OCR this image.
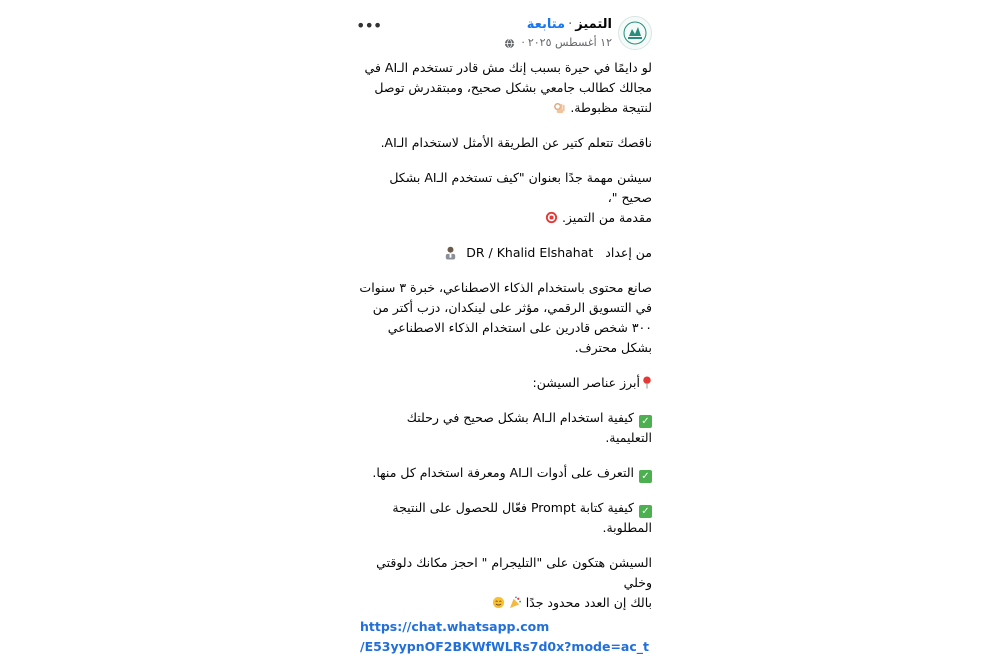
التميز·متابعة
١٢ أغسطس ٢٠٢٥·
•••

لو دايمًا في حيرة بسبب إنك مش قادر تستخدم الـAI في مجالك كطالب جامعي بشكل صحيح، ومبتقدرش توصل لنتيجة مظبوطة.

ناقصك تتعلم كتير عن الطريقة الأمثل لاستخدام الـAI.

سيشن مهمة جدًا بعنوان "كيف تستخدم الـAI بشكل صحيح "،
مقدمة من التميز.

من إعداد DR / Khalid Elshahat

صانع محتوى باستخدام الذكاء الاصطناعي، خبرة ٣ سنوات في التسويق الرقمي، مؤثر على لينكدان، دزب أكتر من ٣٠٠ شخص قادرين على استخدام الذكاء الاصطناعي بشكل محترف.

أبرز عناصر السيشن:

✓كيفية استخدام الـAI بشكل صحيح في رحلتك التعليمية.

✓التعرف على أدوات الـAI ومعرفة استخدام كل منها.

✓كيفية كتابة Prompt فعّال للحصول على النتيجة المطلوبة.

السيشن هتكون على "التليجرام " احجز مكانك دلوقتي وخلي
بالك إن العدد محدود جدًا

https://chat.whatsapp.com
/E53yypnOF2BKWfWLRs7d0x?mode=ac_t
